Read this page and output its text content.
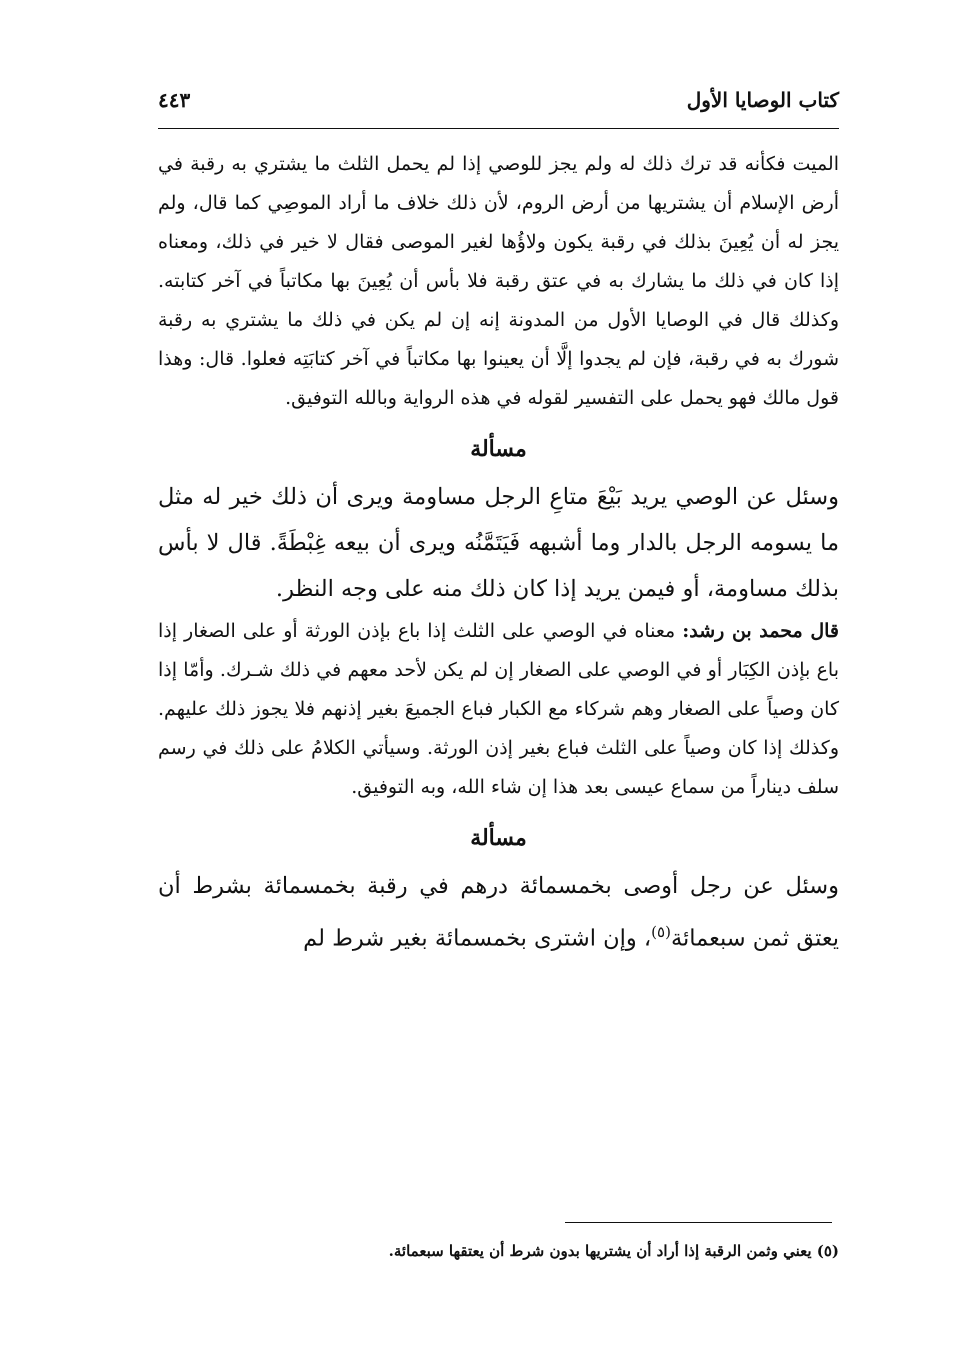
كتاب الوصايا الأول
٤٤٣

الميت فكأنه قد ترك ذلك له ولم يجز للوصي إذا لم يحمل الثلث ما يشتري به رقبة في أرض الإسلام أن يشتريها من أرض الروم، لأن ذلك خلاف ما أراد الموصِي كما قال، ولم يجز له أن يُعِينَ بذلك في رقبة يكون ولاؤُها لغير الموصى فقال لا خير في ذلك، ومعناه إذا كان في ذلك ما يشارك به في عتق رقبة فلا بأس أن يُعِينَ بها مكاتباً في آخر كتابته. وكذلك قال في الوصايا الأول من المدونة إنه إن لم يكن في ذلك ما يشتري به رقبة شورك به في رقبة، فإن لم يجدوا إلَّا أن يعينوا بها مكاتباً في آخر كتابَتِه فعلوا. قال: وهذا قول مالك فهو يحمل على التفسير لقوله في هذه الرواية وبالله التوفيق.

مسألة

وسئل عن الوصي يريد بَيْعَ متاعِ الرجل مساومة ويرى أن ذلك خير له مثل ما يسومه الرجل بالدار وما أشبهه فَيَتَمَّنُه ويرى أن بيعه غِبْطَةً. قال لا بأس بذلك مساومة، أو فيمن يريد إذا كان ذلك منه على وجه النظر.

قال محمد بن رشد: معناه في الوصي على الثلث إذا باع بإذن الورثة أو على الصغار إذا باع بإذن الكِبَار أو في الوصي على الصغار إن لم يكن لأحد معهم في ذلك شـرك. وأمّا إذا كان وصياً على الصغار وهم شركاء مع الكبار فباع الجميعَ بغير إذنهم فلا يجوز ذلك عليهم. وكذلك إذا كان وصياً على الثلث فباع بغير إذن الورثة. وسيأتي الكلامُ على ذلك في رسم سلف ديناراً من سماع عيسى بعد هذا إن شاء الله، وبه التوفيق.

مسألة

وسئل عن رجل أوصى بخمسمائة درهم في رقبة بخمسمائة بشرط أن يعتق ثمن سبعمائة$^{(٥)}$، وإن اشترى بخمسمائة بغير شرط لم

(٥) يعني وثمن الرقبة إذا أراد أن يشتريها بدون شرط أن يعتقها سبعمائة.
